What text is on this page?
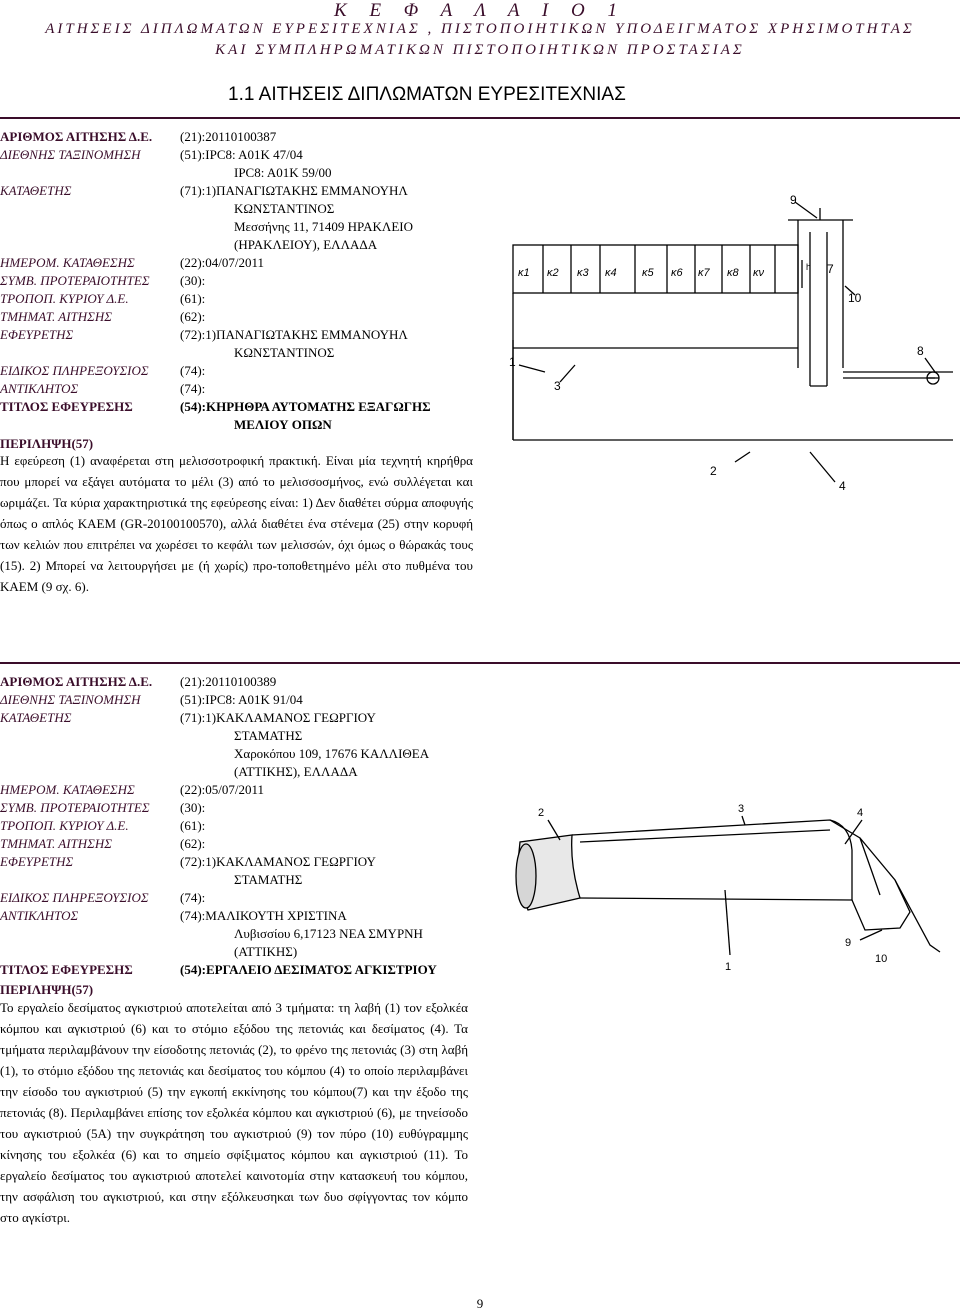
Κ Ε Φ Α Λ Α Ι Ο 1
ΑΙΤΗΣΕΙΣ ΔΙΠΛΩΜΑΤΩΝ ΕΥΡΕΣΙΤΕΧΝΙΑΣ , ΠΙΣΤΟΠΟΙΗΤΙΚΩΝ ΥΠΟΔΕΙΓΜΑΤΟΣ ΧΡΗΣΙΜΟΤΗΤΑΣ
ΚΑΙ ΣΥΜΠΛΗΡΩΜΑΤΙΚΩΝ ΠΙΣΤΟΠΟΙΗΤΙΚΩΝ ΠΡΟΣΤΑΣΙΑΣ
1.1 ΑΙΤΗΣΕΙΣ ΔΙΠΛΩΜΑΤΩΝ ΕΥΡΕΣΙΤΕΧΝΙΑΣ
ΑΡΙΘΜΟΣ ΑΙΤΗΣΗΣ Δ.Ε. (21):20110100387
ΔΙΕΘΝΗΣ ΤΑΞΙΝΟΜΗΣΗ	(51):IPC8: A01K 47/04
IPC8: A01K 59/00
ΚΑΤΑΘΕΤΗΣ	(71):1)ΠΑΝΑΓΙΩΤΑΚΗΣ ΕΜΜΑΝΟΥΗΛ
ΚΩΝΣΤΑΝΤΙΝΟΣ
Μεσσήνης 11, 71409 ΗΡΑΚΛΕΙΟ
(ΗΡΑΚΛΕΙΟΥ), ΕΛΛΑΔΑ
ΗΜΕΡΟΜ. ΚΑΤΑΘΕΣΗΣ	(22):04/07/2011
ΣΥΜΒ. ΠΡΟΤΕΡΑΙΟΤΗΤΕΣ (30):
ΤΡΟΠΟΠ. ΚΥΡΙΟΥ Δ.Ε.	(61):
ΤΜΗΜΑΤ. ΑΙΤΗΣΗΣ	(62):
ΕΦΕΥΡΕΤΗΣ	(72):1)ΠΑΝΑΓΙΩΤΑΚΗΣ ΕΜΜΑΝΟΥΗΛ
ΚΩΝΣΤΑΝΤΙΝΟΣ
ΕΙΔΙΚΟΣ ΠΛΗΡΕΞΟΥΣΙΟΣ (74):
ΑΝΤΙΚΛΗΤΟΣ	(74):
ΤΙΤΛΟΣ ΕΦΕΥΡΕΣΗΣ	(54):ΚΗΡΗΘΡΑ ΑΥΤΟΜΑΤΗΣ ΕΞΑΓΩΓΗΣ
ΜΕΛΙΟΥ ΟΠΩΝ
ΠΕΡΙΛΗΨΗ(57)
Η εφεύρεση (1) αναφέρεται στη μελισσοτροφική πρακτική. Είναι μία τεχνητή κηρήθρα που μπορεί να εξάγει αυτόματα το μέλι (3) από το μελισσοσμήνος, ενώ συλλέγεται και ωριμάζει. Τα κύρια χαρακτηριστικά της εφεύρεσης είναι: 1) Δεν διαθέτει σύρμα αποφυγής όπως ο απλός ΚΑΕΜ (GR-20100100570), αλλά διαθέτει ένα στένεμα (25) στην κορυφή των κελιών που επιτρέπει να χωρέσει το κεφάλι των μελισσών, όχι όμως ο θώρακάς τους (15). 2) Μπορεί να λειτουργήσει με (ή χωρίς) προ-τοποθετημένο μέλι στο πυθμένα του ΚΑΕΜ (9 σχ. 6).
κ1 κ2 κ3 κ4 κ5 κ6 κ7 κ8 κν
9
10
7
h
1
3
2
4
8
ΑΡΙΘΜΟΣ ΑΙΤΗΣΗΣ Δ.Ε. (21):20110100389
ΔΙΕΘΝΗΣ ΤΑΞΙΝΟΜΗΣΗ	(51):IPC8: A01K 91/04
ΚΑΤΑΘΕΤΗΣ	(71):1)ΚΑΚΛΑΜΑΝΟΣ ΓΕΩΡΓΙΟΥ
ΣΤΑΜΑΤΗΣ
Χαροκόπου 109, 17676 ΚΑΛΛΙΘΕΑ
(ΑΤΤΙΚΗΣ), ΕΛΛΑΔΑ
ΗΜΕΡΟΜ. ΚΑΤΑΘΕΣΗΣ	(22):05/07/2011
ΣΥΜΒ. ΠΡΟΤΕΡΑΙΟΤΗΤΕΣ (30):
ΤΡΟΠΟΠ. ΚΥΡΙΟΥ Δ.Ε.	(61):
ΤΜΗΜΑΤ. ΑΙΤΗΣΗΣ	(62):
ΕΦΕΥΡΕΤΗΣ	(72):1)ΚΑΚΛΑΜΑΝΟΣ ΓΕΩΡΓΙΟΥ
ΣΤΑΜΑΤΗΣ
ΕΙΔΙΚΟΣ ΠΛΗΡΕΞΟΥΣΙΟΣ (74):
ΑΝΤΙΚΛΗΤΟΣ	(74):ΜΑΛΙΚΟΥΤΗ ΧΡΙΣΤΙΝΑ
Λυβισσίου 6,17123 ΝΕΑ ΣΜΥΡΝΗ
(ΑΤΤΙΚΗΣ)
ΤΙΤΛΟΣ ΕΦΕΥΡΕΣΗΣ	(54):ΕΡΓΑΛΕΙΟ ΔΕΣΙΜΑΤΟΣ ΑΓΚΙΣΤΡΙΟΥ
ΠΕΡΙΛΗΨΗ(57)
Το εργαλείο δεσίματος αγκιστριού αποτελείται από 3 τμήματα: τη λαβή (1) τον εξολκέα κόμπου και αγκιστριού (6) και το στόμιο εξόδου της πετονιάς και δεσίματος (4). Τα τμήματα περιλαμβάνουν την είσοδοτης πετονιάς (2), το φρένο της πετονιάς (3) στη λαβή (1), το στόμιο εξόδου της πετονιάς και δεσίματος του κόμπου (4) το οποίο περιλαμβάνει την είσοδο του αγκιστριού (5) την εγκοπή εκκίνησης του κόμπου(7) και την έξοδο της πετονιάς (8). Περιλαμβάνει επίσης τον εξολκέα κόμπου και αγκιστριού (6), με τηνείσοδο του αγκιστριού (5Α) την συγκράτηση του αγκιστριού (9) τον πύρο (10) ευθύγραμμης κίνησης του εξολκέα (6) και το σημείο σφίξιματος κόμπου και αγκιστριού (11). Το εργαλείο δεσίματος του αγκιστριού αποτελεί καινοτομία στην κατασκευή του κόμπου, την ασφάλιση του αγκιστριού, και στην εξόλκευσηκαι των δυο σφίγγοντας τον κόμπο στο αγκίστρι.
2	3	4
9
10
1
9
